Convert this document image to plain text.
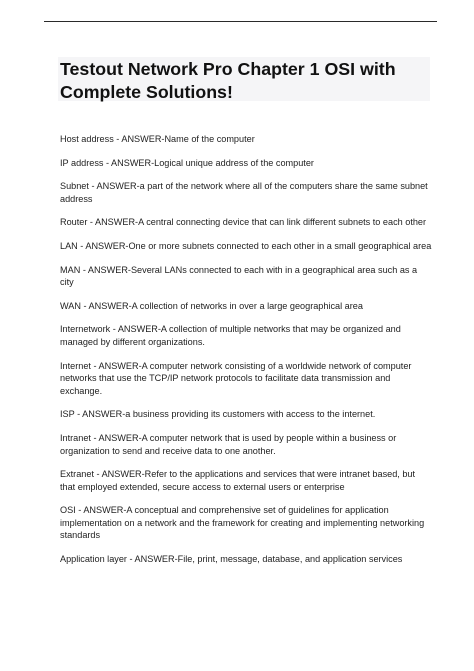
Testout Network Pro Chapter 1 OSI with Complete Solutions!

Host address - ANSWER-Name of the computer

IP address - ANSWER-Logical unique address of the computer

Subnet - ANSWER-a part of the network where all of the computers share the same subnet address

Router - ANSWER-A central connecting device that can link different subnets to each other

LAN - ANSWER-One or more subnets connected to each other in a small geographical area

MAN - ANSWER-Several LANs connected to each with in a geographical area such as a city

WAN - ANSWER-A collection of networks in over a large geographical area

Internetwork - ANSWER-A collection of multiple networks that may be organized and managed by different organizations.

Internet - ANSWER-A computer network consisting of a worldwide network of computer networks that use the TCP/IP network protocols to facilitate data transmission and exchange.

ISP - ANSWER-a business providing its customers with access to the internet.

Intranet - ANSWER-A computer network that is used by people within a business or organization to send and receive data to one another.

Extranet - ANSWER-Refer to the applications and services that were intranet based, but that employed extended, secure access to external users or enterprise

OSI - ANSWER-A conceptual and comprehensive set of guidelines for application implementation on a network and the framework for creating and implementing networking standards

Application layer - ANSWER-File, print, message, database, and application services
